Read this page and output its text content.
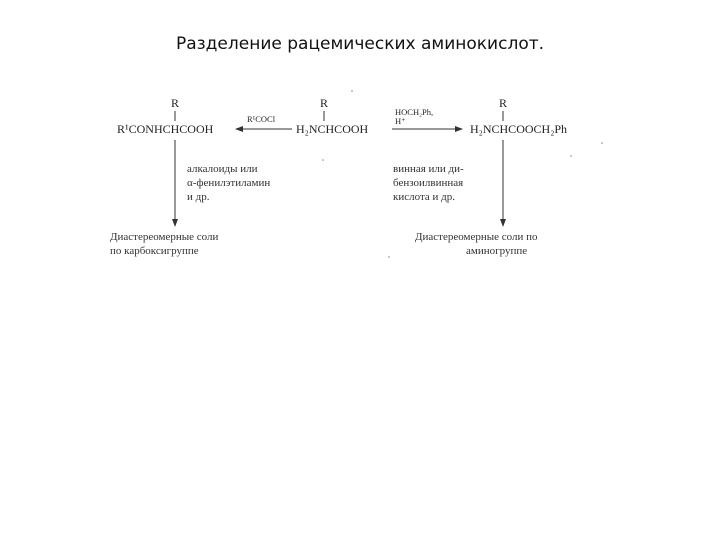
Разделение рацемических аминокислот.
R
R¹CONHCHCOOH
R¹COCl
R
H₂NCHCOOH
HOCH₂Ph,
H⁺
R
H₂NCHCOOCH₂Ph
алкалоиды или
α-фенилэтиламин
и др.
Диастереомерные соли
по карбоксигруппе
винная или ди-
бензоилвинная
кислота и др.
Диастереомерные соли по
аминогруппе
